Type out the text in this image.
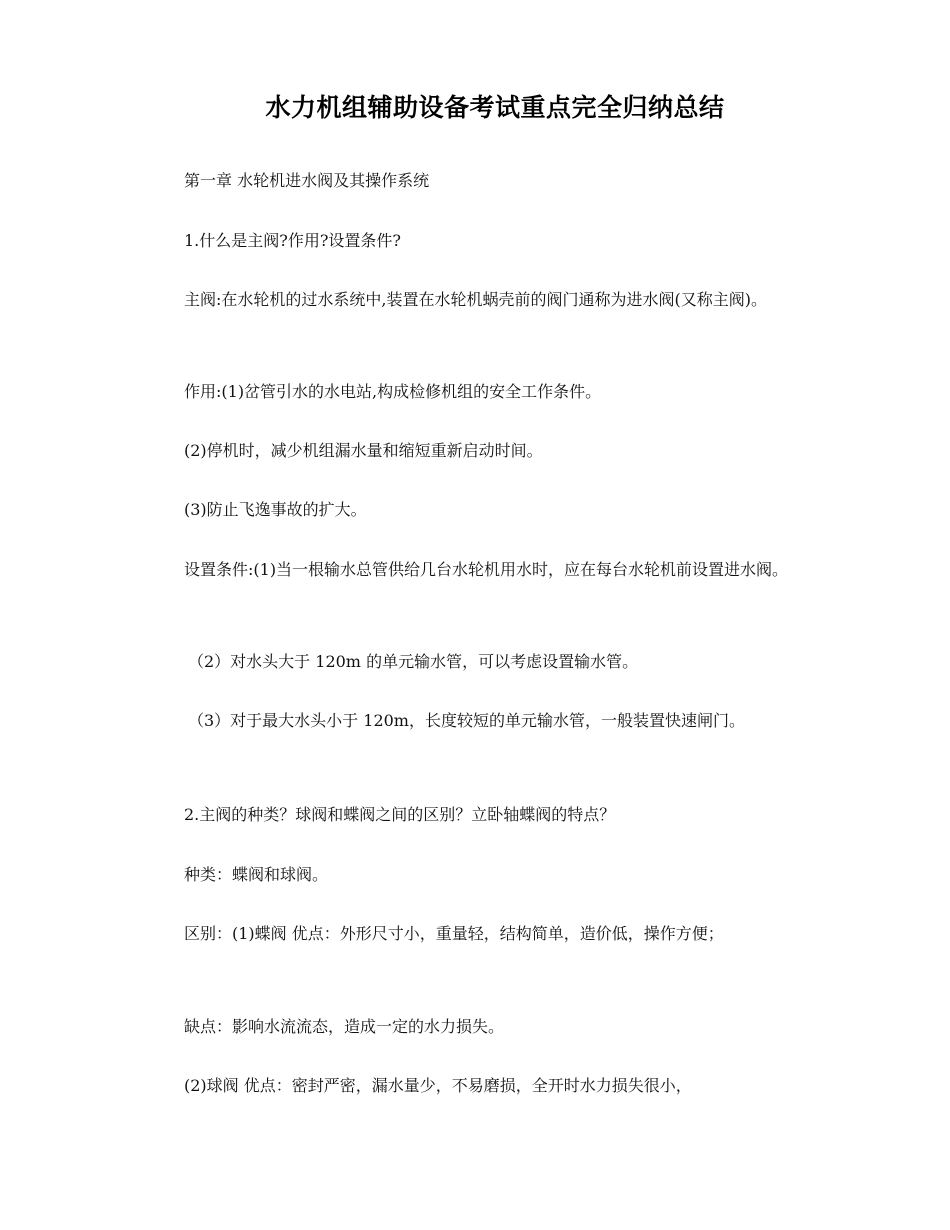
水力机组辅助设备考试重点完全归纳总结

第一章 水轮机进水阀及其操作系统

1.什么是主阀?作用?设置条件?

主阀:在水轮机的过水系统中,装置在水轮机蜗壳前的阀门通称为进水阀(又称主阀)。

作用:(1)岔管引水的水电站,构成检修机组的安全工作条件。

(2)停机时，减少机组漏水量和缩短重新启动时间。

(3)防止飞逸事故的扩大。

设置条件:(1)当一根输水总管供给几台水轮机用水时，应在每台水轮机前设置进水阀。

（2）对水头大于 120m 的单元输水管，可以考虑设置输水管。

（3）对于最大水头小于 120m，长度较短的单元输水管，一般装置快速闸门。

2.主阀的种类？球阀和蝶阀之间的区别？立卧轴蝶阀的特点？

种类：蝶阀和球阀。

区别：(1)蝶阀 优点：外形尺寸小，重量轻，结构简单，造价低，操作方便；

缺点：影响水流流态，造成一定的水力损失。

(2)球阀 优点：密封严密，漏水量少，不易磨损，全开时水力损失很小，
